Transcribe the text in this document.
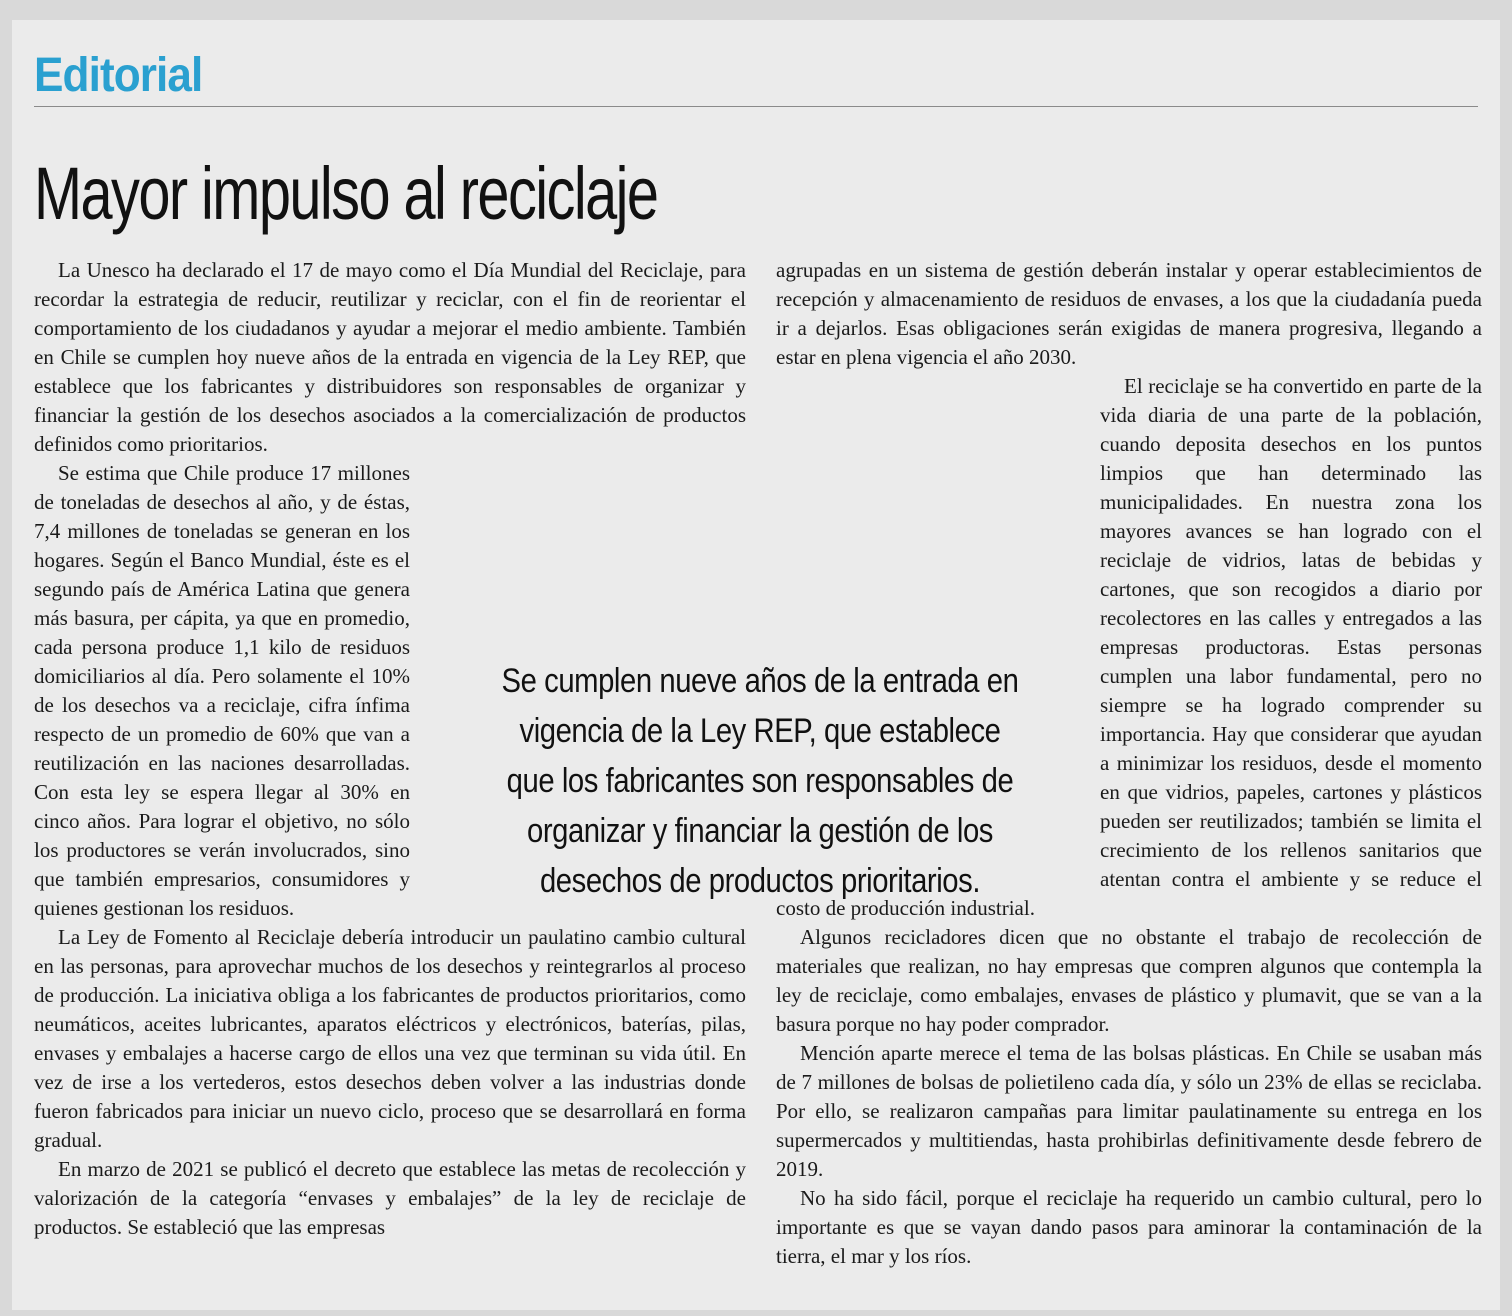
Editorial
Mayor impulso al reciclaje

La Unesco ha declarado el 17 de mayo como el Día Mundial del Reciclaje, para recordar la estrategia de reducir, reutilizar y reciclar, con el fin de reorientar el comportamiento de los ciudadanos y ayudar a mejorar el medio ambiente. También en Chile se cumplen hoy nueve años de la entrada en vigencia de la Ley REP, que establece que los fabricantes y distribuidores son responsables de organizar y financiar la gestión de los desechos asociados a la comercialización de productos definidos como prioritarios.

Se estima que Chile produce 17 millones de toneladas de desechos al año, y de éstas, 7,4 millones de toneladas se generan en los hogares. Según el Banco Mundial, éste es el segundo país de América Latina que genera más basura, per cápita, ya que en promedio, cada persona produce 1,1 kilo de residuos domiciliarios al día. Pero solamente el 10% de los desechos va a reciclaje, cifra ínfima respecto de un promedio de 60% que van a reutilización en las naciones desarrolladas. Con esta ley se espera llegar al 30% en cinco años. Para lograr el objetivo, no sólo los productores se verán involucrados, sino que también empresarios, consumidores y quienes gestionan los residuos.

La Ley de Fomento al Reciclaje debería introducir un paulatino cambio cultural en las personas, para aprovechar muchos de los desechos y reintegrarlos al proceso de producción. La iniciativa obliga a los fabricantes de productos prioritarios, como neumáticos, aceites lubricantes, aparatos eléctricos y electrónicos, baterías, pilas, envases y embalajes a hacerse cargo de ellos una vez que terminan su vida útil. En vez de irse a los vertederos, estos desechos deben volver a las industrias donde fueron fabricados para iniciar un nuevo ciclo, proceso que se desarrollará en forma gradual.

En marzo de 2021 se publicó el decreto que establece las metas de recolección y valorización de la categoría “envases y embalajes” de la ley de reciclaje de productos. Se estableció que las empresas

agrupadas en un sistema de gestión deberán instalar y operar establecimientos de recepción y almacenamiento de residuos de envases, a los que la ciudadanía pueda ir a dejarlos. Esas obligaciones serán exigidas de manera progresiva, llegando a estar en plena vigencia el año 2030.

El reciclaje se ha convertido en parte de la vida diaria de una parte de la población, cuando deposita desechos en los puntos limpios que han determinado las municipalidades. En nuestra zona los mayores avances se han logrado con el reciclaje de vidrios, latas de bebidas y cartones, que son recogidos a diario por recolectores en las calles y entregados a las empresas productoras. Estas personas cumplen una labor fundamental, pero no siempre se ha logrado comprender su importancia. Hay que considerar que ayudan a minimizar los residuos, desde el momento en que vidrios, papeles, cartones y plásticos pueden ser reutilizados; también se limita el crecimiento de los rellenos sanitarios que atentan contra el ambiente y se reduce el costo de producción industrial.

Algunos recicladores dicen que no obstante el trabajo de recolección de materiales que realizan, no hay empresas que compren algunos que contempla la ley de reciclaje, como embalajes, envases de plástico y plumavit, que se van a la basura porque no hay poder comprador.

Mención aparte merece el tema de las bolsas plásticas. En Chile se usaban más de 7 millones de bolsas de polietileno cada día, y sólo un 23% de ellas se reciclaba. Por ello, se realizaron campañas para limitar paulatinamente su entrega en los supermercados y multitiendas, hasta prohibirlas definitivamente desde febrero de 2019.

No ha sido fácil, porque el reciclaje ha requerido un cambio cultural, pero lo importante es que se vayan dando pasos para aminorar la contaminación de la tierra, el mar y los ríos.

Se cumplen nueve años de la entrada en vigencia de la Ley REP, que establece que los fabricantes son responsables de organizar y financiar la gestión de los desechos de productos prioritarios.
